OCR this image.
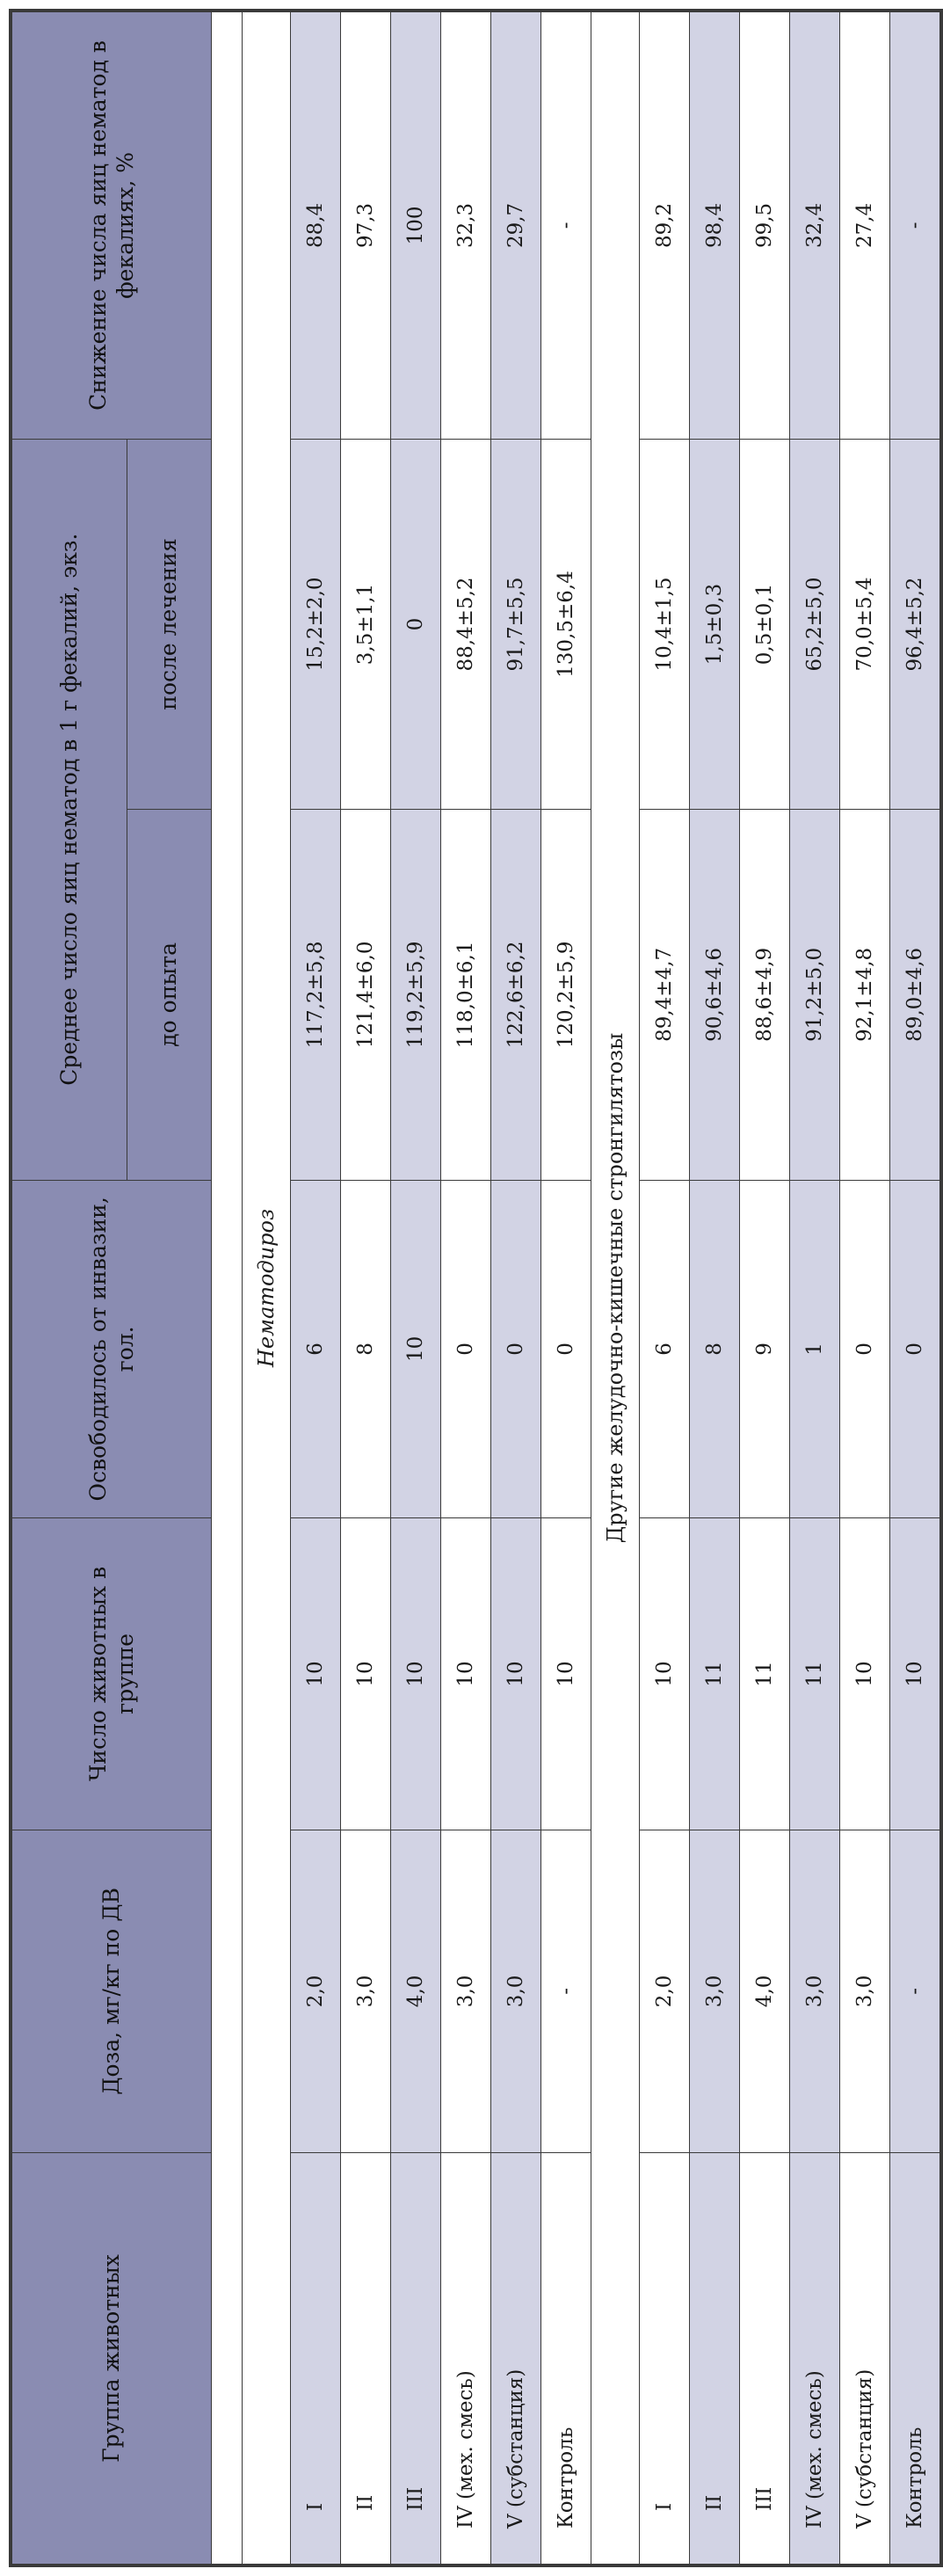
Группа животных	Доза, мг/кг по ДВ	Число животных в группе	Освободилось от инвазии, гол.	Среднее число яиц нематод в 1 г фекалий, экз.		Снижение числа яиц нематод в фекалиях, %
				до опыта	после лечения	

Нематодироз						
I	2,0	10	6	117,2±5,8	15,2±2,0	88,4
II	3,0	10	8	121,4±6,0	3,5±1,1	97,3
III	4,0	10	10	119,2±5,9	0	100
IV (мех. смесь)	3,0	10	0	118,0±6,1	88,4±5,2	32,3
V (субстанция)	3,0	10	0	122,6±6,2	91,7±5,5	29,7
Контроль	-	10	0	120,2±5,9	130,5±6,4	-
Другие желудочно-кишечные стронгилятозы						
I	2,0	10	6	89,4±4,7	10,4±1,5	89,2
II	3,0	11	8	90,6±4,6	1,5±0,3	98,4
III	4,0	11	9	88,6±4,9	0,5±0,1	99,5
IV (мех. смесь)	3,0	11	1	91,2±5,0	65,2±5,0	32,4
V (субстанция)	3,0	10	0	92,1±4,8	70,0±5,4	27,4
Контроль	-	10	0	89,0±4,6	96,4±5,2	-
